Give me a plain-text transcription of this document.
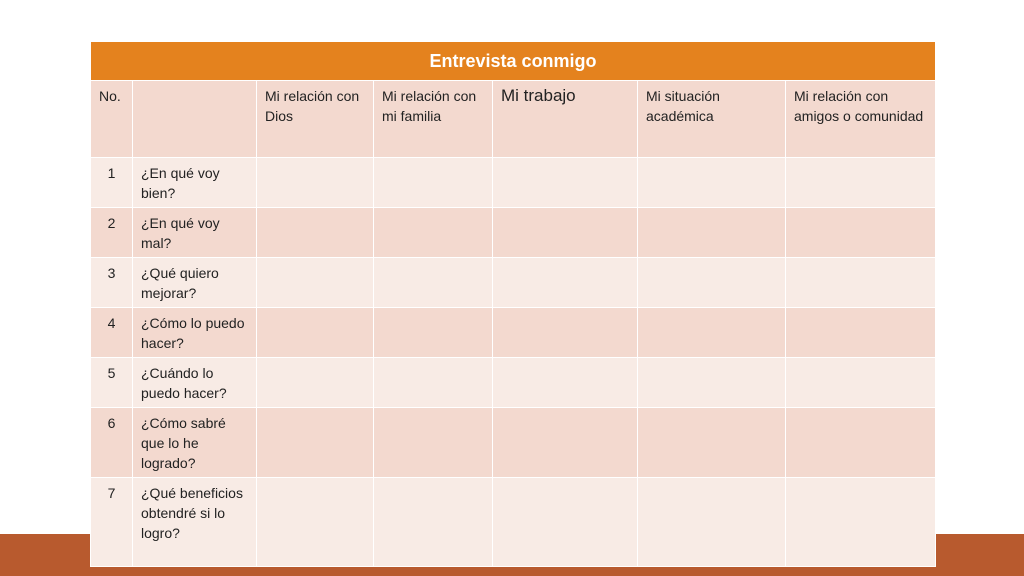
Entrevista conmigo						
No.		Mi relación con Dios	Mi relación con mi familia	Mi trabajo	Mi situación académica	Mi relación con amigos o comunidad
1	¿En qué voy bien?					
2	¿En qué voy mal?					
3	¿Qué quiero mejorar?					
4	¿Cómo lo puedo hacer?					
5	¿Cuándo lo puedo hacer?					
6	¿Cómo sabré que lo he logrado?					
7	¿Qué beneficios obtendré si lo logro?					
